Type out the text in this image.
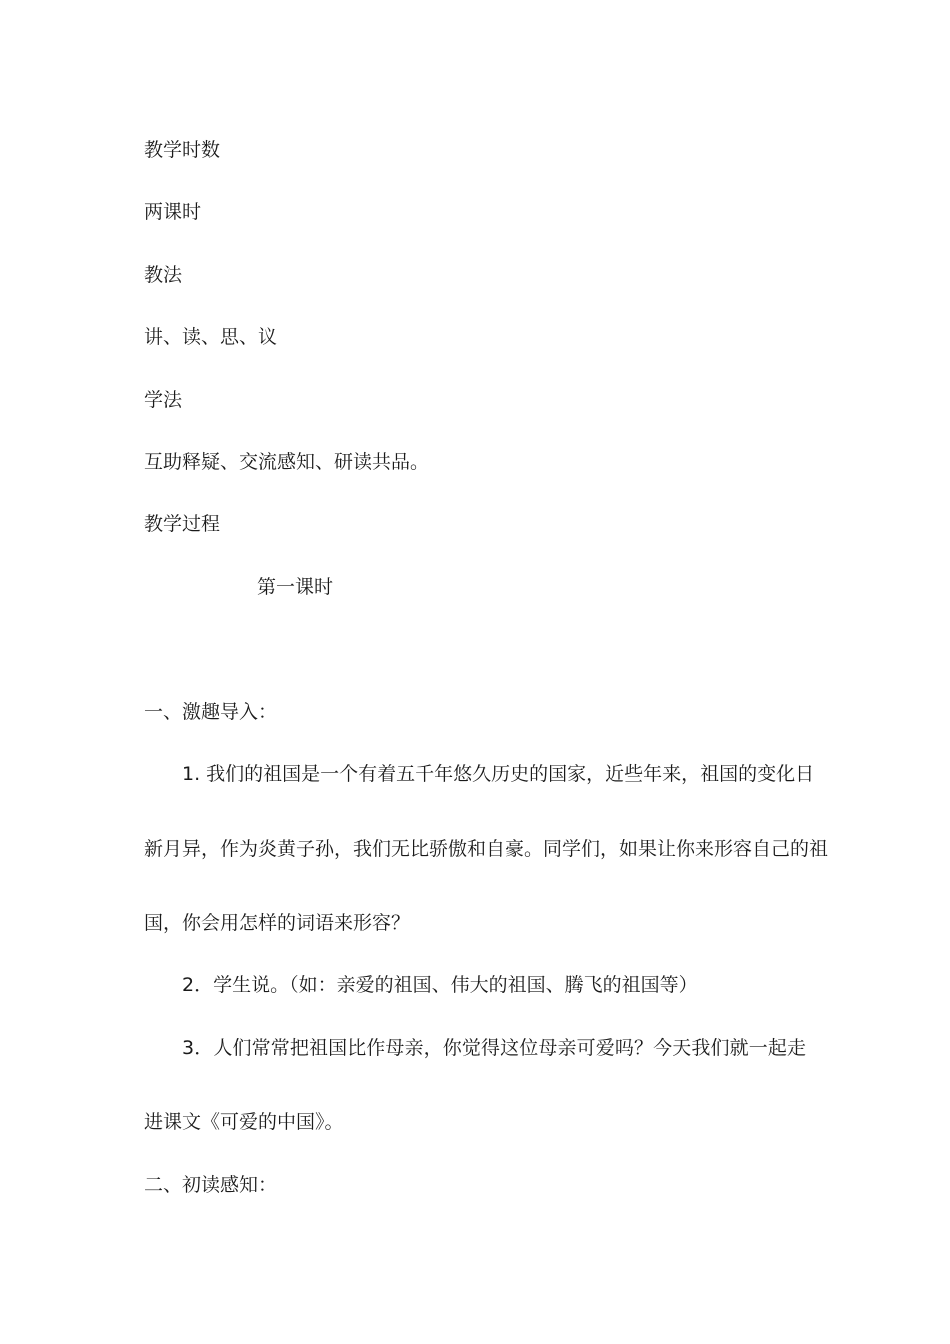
教学时数
两课时
教法
讲、读、思、议
学法
互助释疑、交流感知、研读共品。
教学过程
第一课时
一、激趣导入：
1. 我们的祖国是一个有着五千年悠久历史的国家，近些年来，祖国的变化日
新月异，作为炎黄子孙，我们无比骄傲和自豪。同学们，如果让你来形容自己的祖
国，你会用怎样的词语来形容？
2．学生说。（如：亲爱的祖国、伟大的祖国、腾飞的祖国等）
3．人们常常把祖国比作母亲，你觉得这位母亲可爱吗？今天我们就一起走
进课文《可爱的中国》。
二、初读感知：
